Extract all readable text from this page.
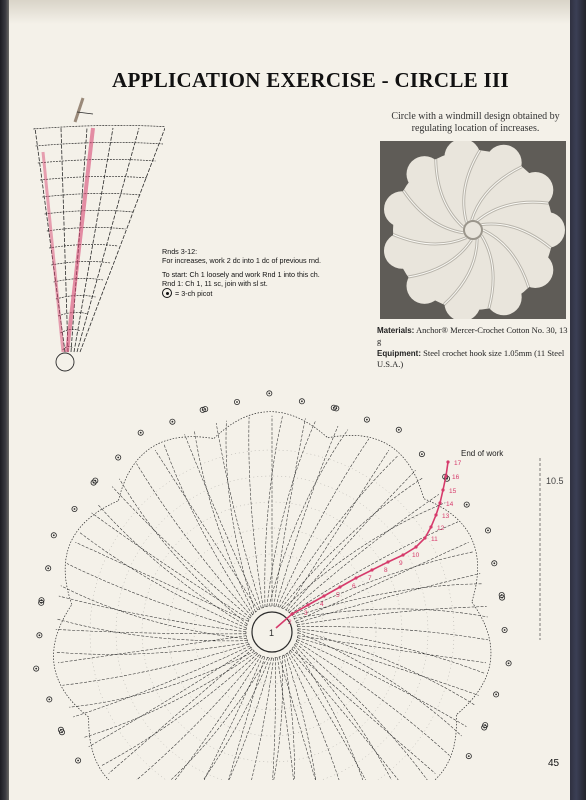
APPLICATION EXERCISE - CIRCLE III
Circle with a windmill design obtained by regulating location of increases.
Materials: Anchor® Mercer-Crochet Cotton No. 30, 13 g
Equipment: Steel crochet hook size 1.05mm (11 Steel U.S.A.)

Rnds 3-12:
For increases, work 2 dc into 1 dc of previous rnd.

To start: Ch 1 loosely and work Rnd 1 into this ch.
Rnd 1: Ch 1, 11 sc, join with sl st.
= 3-ch picot

1
2
3
4
5
6
7
8
9
10
11
12
13
14
15
16
17
End of work
10.5
45
